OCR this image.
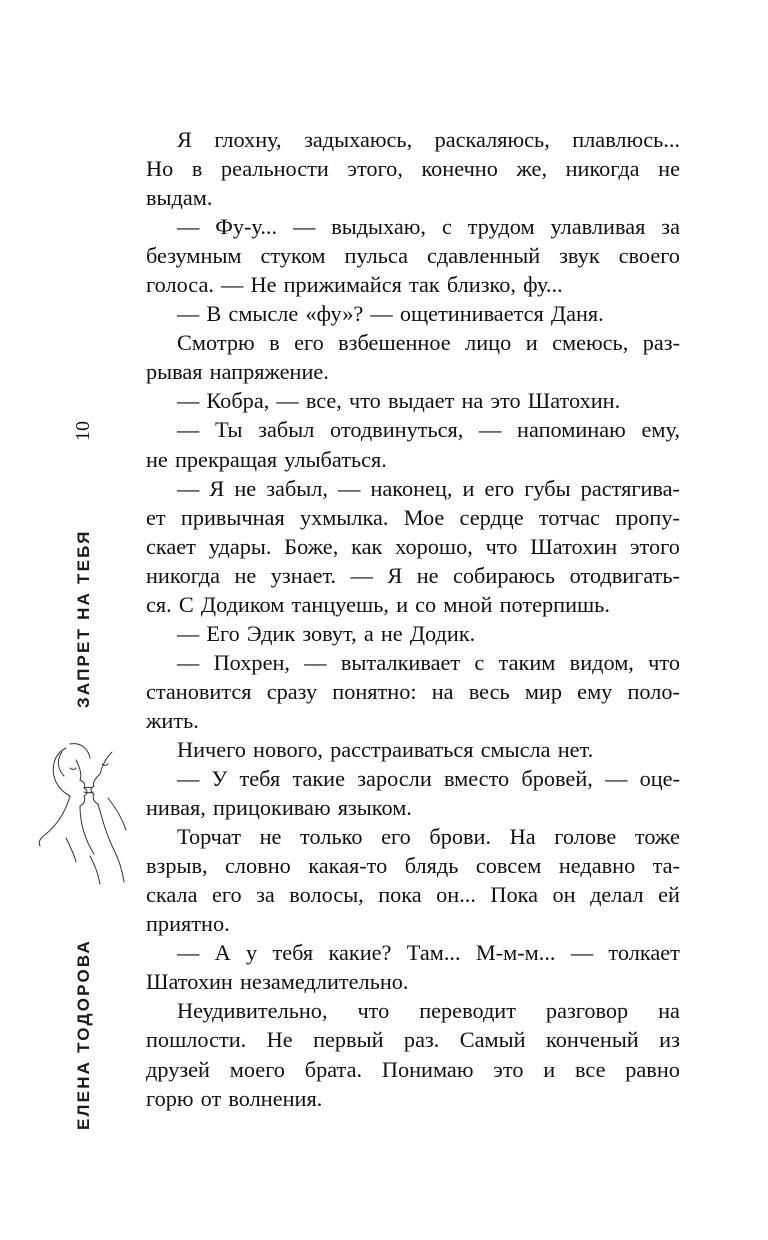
10
ЗАПРЕТ НА ТЕБЯ
ЕЛЕНА ТОДОРОВА
Я глохну, задыхаюсь, раскаляюсь, плавлюсь...
Но в реальности этого, конечно же, никогда не
выдам.
— Фу-у... — выдыхаю, с трудом улавливая за
безумным стуком пульса сдавленный звук своего
голоса. — Не прижимайся так близко, фу...
— В смысле «фу»? — ощетинивается Даня.
Смотрю в его взбешенное лицо и смеюсь, раз-
рывая напряжение.
— Кобра, — все, что выдает на это Шатохин.
— Ты забыл отодвинуться, — напоминаю ему,
не прекращая улыбаться.
— Я не забыл, — наконец, и его губы растягива-
ет привычная ухмылка. Мое сердце тотчас пропу-
скает удары. Боже, как хорошо, что Шатохин этого
никогда не узнает. — Я не собираюсь отодвигать-
ся. С Додиком танцуешь, и со мной потерпишь.
— Его Эдик зовут, а не Додик.
— Похрен, — выталкивает с таким видом, что
становится сразу понятно: на весь мир ему поло-
жить.
Ничего нового, расстраиваться смысла нет.
— У тебя такие заросли вместо бровей, — оце-
нивая, прицокиваю языком.
Торчат не только его брови. На голове тоже
взрыв, словно какая-то блядь совсем недавно та-
скала его за волосы, пока он... Пока он делал ей
приятно.
— А у тебя какие? Там... М-м-м... — толкает
Шатохин незамедлительно.
Неудивительно, что переводит разговор на
пошлости. Не первый раз. Самый конченый из
друзей моего брата. Понимаю это и все равно
горю от волнения.
